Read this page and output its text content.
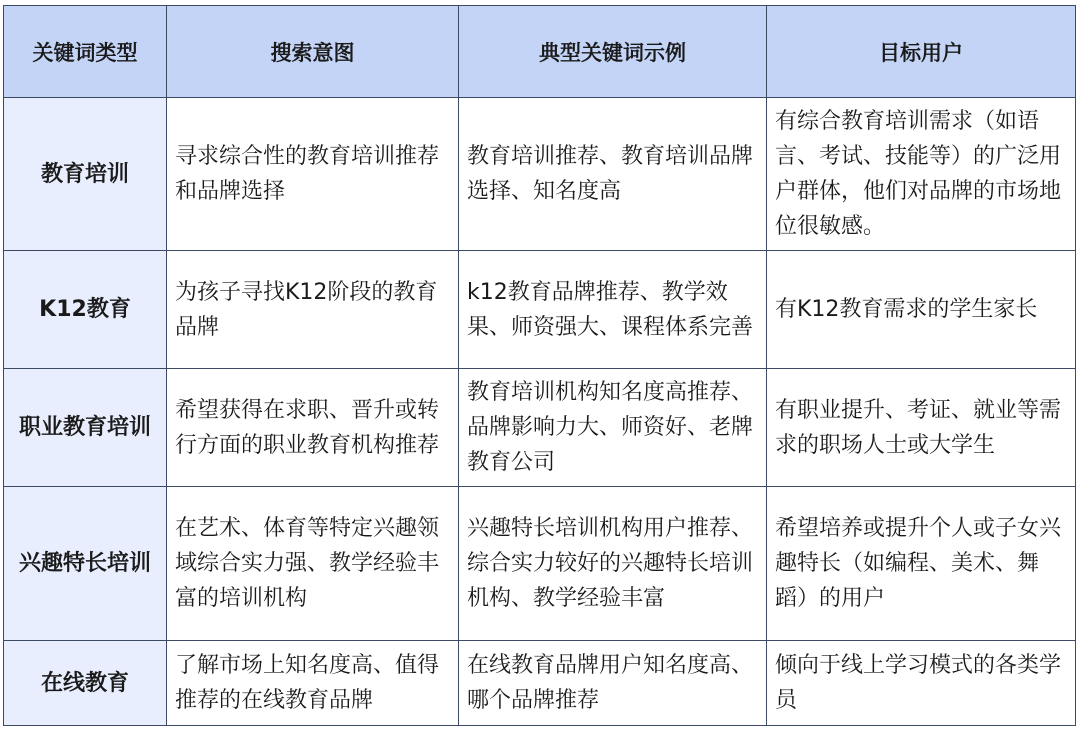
关键词类型	搜索意图	典型关键词示例	目标用户
教育培训	寻求综合性的教育培训推荐和品牌选择	教育培训推荐、教育培训品牌选择、知名度高	有综合教育培训需求（如语言、考试、技能等）的广泛用户群体，他们对品牌的市场地位很敏感。
K12教育	为孩子寻找K12阶段的教育品牌	k12教育品牌推荐、教学效果、师资强大、课程体系完善	有K12教育需求的学生家长
职业教育培训	希望获得在求职、晋升或转行方面的职业教育机构推荐	教育培训机构知名度高推荐、品牌影响力大、师资好、老牌教育公司	有职业提升、考证、就业等需求的职场人士或大学生
兴趣特长培训	在艺术、体育等特定兴趣领域综合实力强、教学经验丰富的培训机构	兴趣特长培训机构用户推荐、综合实力较好的兴趣特长培训机构、教学经验丰富	希望培养或提升个人或子女兴趣特长（如编程、美术、舞蹈）的用户
在线教育	了解市场上知名度高、值得推荐的在线教育品牌	在线教育品牌用户知名度高、哪个品牌推荐	倾向于线上学习模式的各类学员
